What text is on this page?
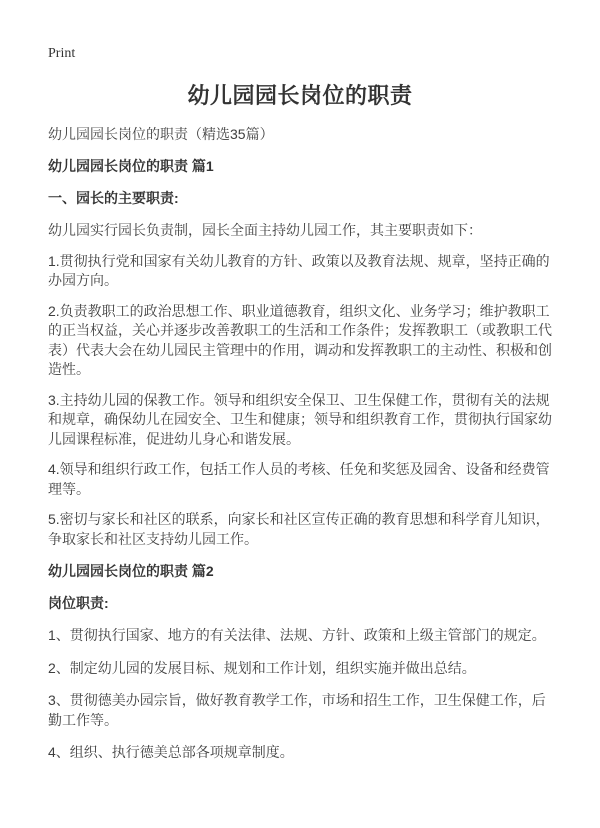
Print
幼儿园园长岗位的职责

幼儿园园长岗位的职责（精选35篇）

幼儿园园长岗位的职责 篇1
一、园长的主要职责:

幼儿园实行园长负责制，园长全面主持幼儿园工作，其主要职责如下：

1.贯彻执行党和国家有关幼儿教育的方针、政策以及教育法规、规章，坚持正确的办园方向。

2.负责教职工的政治思想工作、职业道德教育，组织文化、业务学习；维护教职工的正当权益，关心并逐步改善教职工的生活和工作条件；发挥教职工（或教职工代表）代表大会在幼儿园民主管理中的作用，调动和发挥教职工的主动性、积极和创造性。

3.主持幼儿园的保教工作。领导和组织安全保卫、卫生保健工作，贯彻有关的法规和规章，确保幼儿在园安全、卫生和健康；领导和组织教育工作，贯彻执行国家幼儿园课程标准，促进幼儿身心和谐发展。

4.领导和组织行政工作，包括工作人员的考核、任免和奖惩及园舍、设备和经费管理等。

5.密切与家长和社区的联系，向家长和社区宣传正确的教育思想和科学育儿知识，争取家长和社区支持幼儿园工作。

幼儿园园长岗位的职责 篇2
岗位职责:

1、贯彻执行国家、地方的有关法律、法规、方针、政策和上级主管部门的规定。

2、制定幼儿园的发展目标、规划和工作计划，组织实施并做出总结。

3、贯彻德美办园宗旨，做好教育教学工作，市场和招生工作，卫生保健工作，后勤工作等。

4、组织、执行德美总部各项规章制度。
